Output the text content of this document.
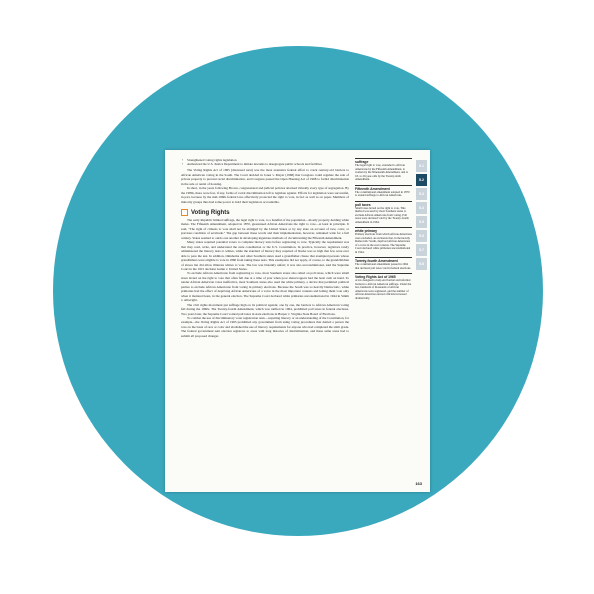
• Strengthened voting rights legislation
• Authorized the U.S. Justice Department to initiate lawsuits to desegregate public schools and facilities

The Voting Rights Act of 1965 (discussed next) was the most extensive federal effort to crack century-old barriers to African American voting in the South. The Court decided in Jones v. Mayer (1968) that Congress could regulate the sale of private property to prevent racial discrimination, and Congress passed the Open Housing Act of 1968 to forbid discrimination in the sale or rental of housing.

In short, in the years following Brown, congressional and judicial policies attacked virtually every type of segregation. By the 1980s, there were few, if any, forms of racial discrimination left to legislate against. Efforts for legislation were successful, in part, because by the mid-1960s federal laws effectively protected the right to vote, in fact as well as on paper. Members of minority groups thus had some power to hold their legislators accountable.

Voting Rights

The early Republic limited suffrage, the legal right to vote, to a handful of the population—mostly property-holding white males. The Fifteenth Amendment, adopted in 1870, guaranteed African Americans the right to vote—at least in principle. It said, "The right of citizens to vote shall not be abridged by the United States or by any state on account of race, color, or previous condition of servitude." The gap between these words and their implementation, however, remained wide for a full century. States seemed to outdo one another in developing ingenious methods of circumventing the Fifteenth Amendment.

Many states required potential voters to complete literacy tests before registering to vote. Typically the requirement was that they read, write, and understand the state constitution or the U.S. Constitution. In practice, however, registrars rarely administered the literacy tests to whites, while the standard of literacy they required of blacks was so high that few were ever able to pass the test. In addition, Oklahoma and other Southern states used a grandfather clause that exempted persons whose grandfathers were eligible to vote in 1860 from taking these tests. This exemption did not apply, of course, to the grandchildren of slaves but did allow illiterate whites to vote. The law was blatantly unfair; it was also unconstitutional, said the Supreme Court in the 1915 decision Guinn v. United States.

To exclude African Americans from registering to vote, most Southern states also relied on poll taxes, which were small taxes levied on the right to vote that often fell due at a time of year when poor sharecroppers had the least cash on hand. To render African American votes ineffective, most Southern states also used the white primary, a device that permitted political parties to exclude African Americans from voting in primary elections. Because the South was so heavily Democratic, white primaries had the effect of depriving African Americans of a voice in the most important contests and letting them vote only when it mattered least, in the general election. The Supreme Court declared white primaries unconstitutional in 1944 in Smith v. Allwright.

The civil rights movement put suffrage high on its political agenda; one by one, the barriers to African American voting fell during the 1960s. The Twenty-fourth Amendment, which was ratified in 1964, prohibited poll taxes in federal elections. Two years later, the Supreme Court voided poll taxes in state elections in Harper v. Virginia State Board of Elections.

To combat the use of discriminatory voter registration tests—requiring literacy or an understanding of the Constitution, for example—the Voting Rights Act of 1965 prohibited any government from using voting procedures that denied a person the vote on the basis of race or color and abolished the use of literacy requirements for anyone who had completed the sixth grade. The federal government sent election registrars to areas with long histories of discrimination, and these same areas had to submit all proposed changes

suffrage
The legal right to vote, extended to African Americans by the Fifteenth Amendment, to women by the Nineteenth Amendment, and to 18- to 20-year-olds by the Twenty-sixth Amendment.
Fifteenth Amendment
The constitutional amendment adopted in 1870 to extend suffrage to African Americans.
poll taxes
Small taxes levied on the right to vote. This method was used by most Southern states to exclude African Americans from voting. Poll taxes were declared void by the Twenty-fourth Amendment in 1964.
white primary
Primary elections from which African Americans were excluded, an exclusion that, in the heavily Democratic South, deprived African Americans of a voice in the real contests. The Supreme Court declared white primaries unconstitutional in 1944.
Twenty-fourth Amendment
The constitutional amendment passed in 1964 that declared poll taxes void in federal elections.
Voting Rights Act of 1965
A law designed to help end formal and informal barriers to African American suffrage. Under the law, hundreds of thousands of African Americans were registered, and the number of African American elected officials increased dramatically.
5.1
5.2
5.3
5.4
5.5
5.6
5.7
5.8
163
